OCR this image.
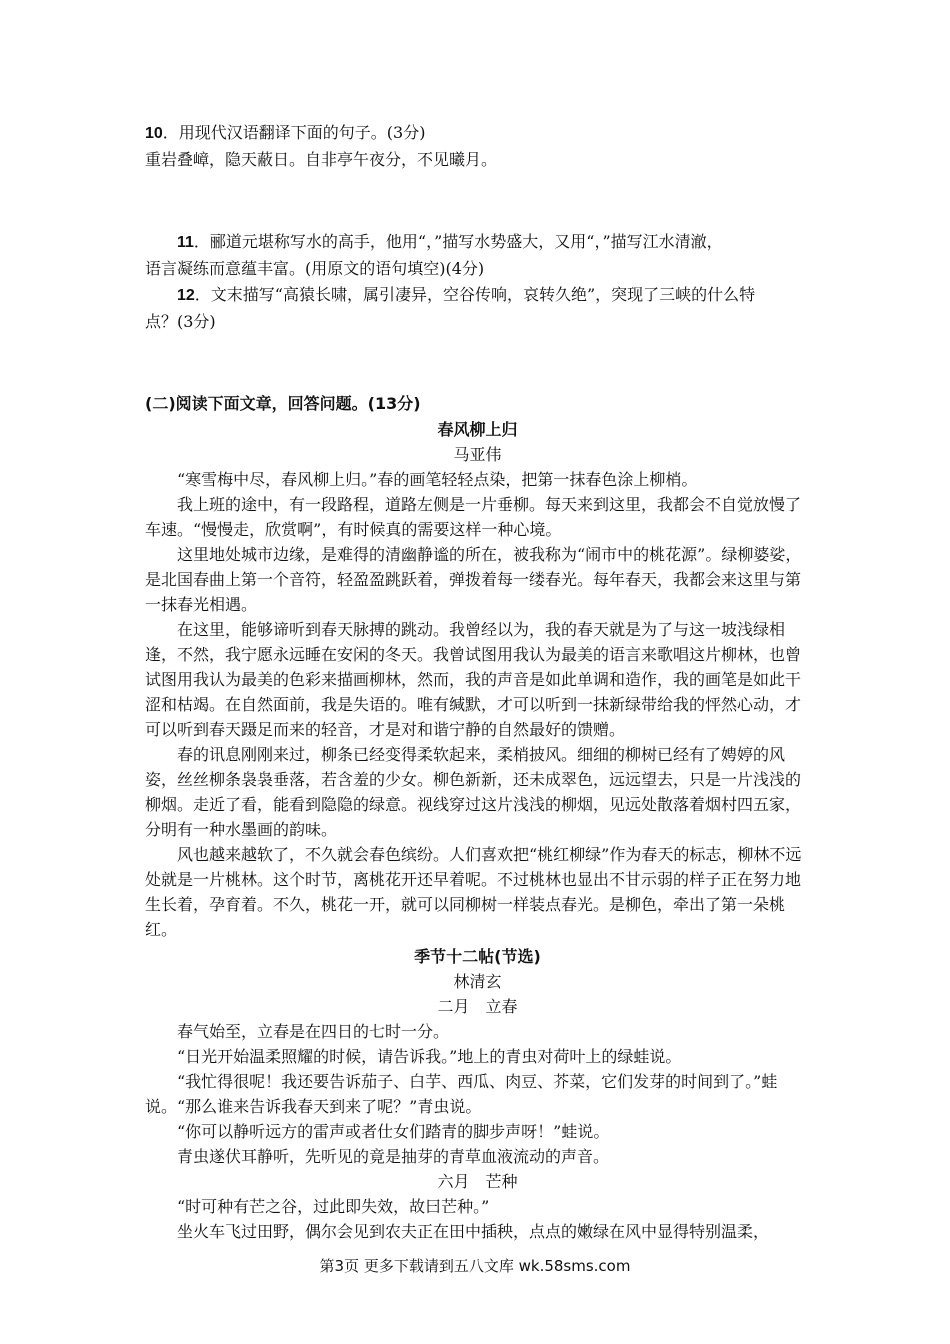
10．用现代汉语翻译下面的句子。(3分)

重岩叠嶂，隐天蔽日。自非亭午夜分，不见曦月。

11．郦道元堪称写水的高手，他用“，”描写水势盛大，又用“，”描写江水清澈，

语言凝练而意蕴丰富。(用原文的语句填空)(4分)

12．文末描写“高猿长啸，属引凄异，空谷传响，哀转久绝”，突现了三峡的什么特

点？(3分)

(二)阅读下面文章，回答问题。(13分)

春风柳上归

马亚伟

“寒雪梅中尽，春风柳上归。”春的画笔轻轻点染，把第一抹春色涂上柳梢。

我上班的途中，有一段路程，道路左侧是一片垂柳。每天来到这里，我都会不自觉放慢了车速。“慢慢走，欣赏啊”，有时候真的需要这样一种心境。

这里地处城市边缘，是难得的清幽静谧的所在，被我称为“闹市中的桃花源”。绿柳婆娑，是北国春曲上第一个音符，轻盈盈跳跃着，弹拨着每一缕春光。每年春天，我都会来这里与第一抹春光相遇。

在这里，能够谛听到春天脉搏的跳动。我曾经以为，我的春天就是为了与这一坡浅绿相逢，不然，我宁愿永远睡在安闲的冬天。我曾试图用我认为最美的语言来歌唱这片柳林，也曾试图用我认为最美的色彩来描画柳林，然而，我的声音是如此单调和造作，我的画笔是如此干涩和枯竭。在自然面前，我是失语的。唯有缄默，才可以听到一抹新绿带给我的怦然心动，才可以听到春天蹑足而来的轻音，才是对和谐宁静的自然最好的馈赠。

春的讯息刚刚来过，柳条已经变得柔软起来，柔梢披风。细细的柳树已经有了娉婷的风姿，丝丝柳条袅袅垂落，若含羞的少女。柳色新新，还未成翠色，远远望去，只是一片浅浅的柳烟。走近了看，能看到隐隐的绿意。视线穿过这片浅浅的柳烟，见远处散落着烟村四五家，分明有一种水墨画的韵味。

风也越来越软了，不久就会春色缤纷。人们喜欢把“桃红柳绿”作为春天的标志，柳林不远处就是一片桃林。这个时节，离桃花开还早着呢。不过桃林也显出不甘示弱的样子正在努力地生长着，孕育着。不久，桃花一开，就可以同柳树一样装点春光。是柳色，牵出了第一朵桃红。

季节十二帖(节选)

林清玄

二月　立春

春气始至，立春是在四日的七时一分。

“日光开始温柔照耀的时候，请告诉我。”地上的青虫对荷叶上的绿蛙说。

“我忙得很呢！我还要告诉茄子、白芋、西瓜、肉豆、芥菜，它们发芽的时间到了。”蛙说。“那么谁来告诉我春天到来了呢？”青虫说。

“你可以静听远方的雷声或者仕女们踏青的脚步声呀！”蛙说。

青虫遂伏耳静听，先听见的竟是抽芽的青草血液流动的声音。

六月　芒种

“时可种有芒之谷，过此即失效，故曰芒种。”

坐火车飞过田野，偶尔会见到农夫正在田中插秧，点点的嫩绿在风中显得特别温柔，

第3页 更多下载请到五八文库 wk.58sms.com
